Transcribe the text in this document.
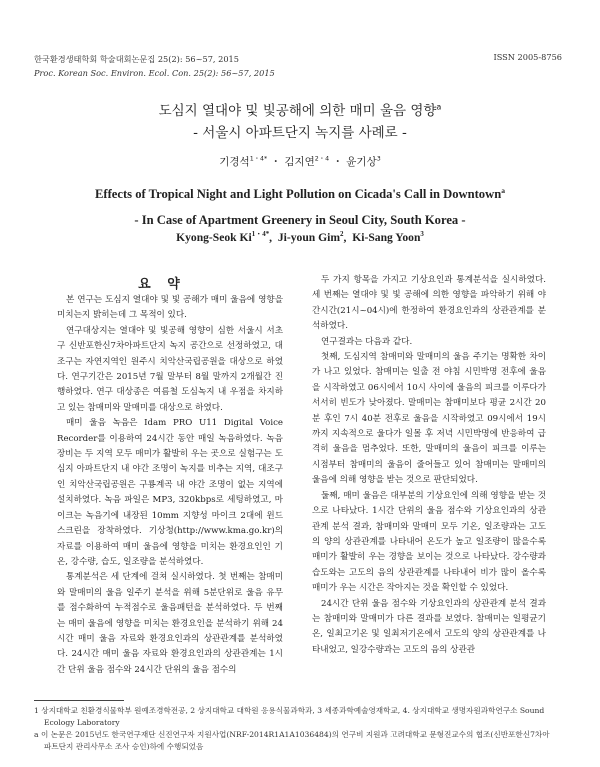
한국환경생태학회 학술대회논문집 25(2): 56~57, 2015
Proc. Korean Soc. Environ. Ecol. Con. 25(2): 56~57, 2015
ISSN 2005-8756
도심지 열대야 및 빛공해에 의한 매미 울음 영향$^a$
- 서울시 아파트단지 녹지를 사례로 -
기경석$^{1・4*}$ ・ 김지연$^{2・4}$ ・ 윤기상$^3$
Effects of Tropical Night and Light Pollution on Cicada's Call in Downtown$^a$
- In Case of Apartment Greenery in Seoul City, South Korea -
Kyong-Seok $Ki^{1・4*}$,  Ji-youn Gim$^2$,  Ki-Sang Yoon$^3$
요 약

본 연구는 도심지 열대야 및 빛 공해가 매미 울음에 영향을 미치는지 밝히는데 그 목적이 있다.

연구대상지는 열대야 및 빛공해 영향이 심한 서울시 서초구 신반포한신7차아파트단지 녹지 공간으로 선정하였고, 대조구는 자연지역인 원주시 치악산국립공원을 대상으로 하였다. 연구기간은 2015년 7월 말부터 8월 말까지 2개월간 진행하였다. 연구 대상종은 여름철 도심녹지 내 우점을 차지하고 있는 참매미와 말매미를 대상으로 하였다.

매미 울음 녹음은 Idam PRO U11 Digital Voice Recorder를 이용하여 24시간 동안 매일 녹음하였다. 녹음장비는 두 지역 모두 매미가 활발히 우는 곳으로 실험구는 도심지 아파트단지 내 야간 조명이 녹지를 비추는 지역, 대조구인 치악산국립공원은 구룡계곡 내 야간 조명이 없는 지역에 설치하였다. 녹음 파일은 MP3, 320kbps로 세팅하였고, 마이크는 녹음기에 내장된 10mm 지향성 마이크 2대에 윈드스크린을 장착하였다. 기상청(http://www.kma.go.kr)의 자료를 이용하여 매미 울음에 영향을 미치는 환경요인인 기온, 강수량, 습도, 일조량을 분석하였다.

통계분석은 세 단계에 걸쳐 실시하였다. 첫 번째는 참매미와 말매미의 울음 일주기 분석을 위해 5분단위로 울음 유무를 점수화하여 누적점수로 울음패턴을 분석하였다. 두 번째는 매미 울음에 영향을 미치는 환경요인을 분석하기 위해 24시간 매미 울음 자료와 환경요인과의 상관관계를 분석하였다. 24시간 매미 울음 자료와 환경요인과의 상관관계는 1시간 단위 울음 점수와 24시간 단위의 울음 점수의

두 가지 항목을 가지고 기상요인과 통계분석을 실시하였다. 세 번째는 열대야 및 빛 공해에 의한 영향을 파악하기 위해 야간시간(21시~04시)에 한정하여 환경요인과의 상관관계를 분석하였다.

연구결과는 다음과 같다.

첫째, 도심지역 참매미와 말매미의 울음 주기는 명확한 차이가 나고 있었다. 참매미는 일출 전 야침 시민박명 전후에 울음을 시작하였고 06시에서 10시 사이에 울음의 피크를 이루다가 서서히 빈도가 낮아졌다. 말매미는 참매미보다 평균 2시간 20분 후인 7시 40분 전후로 울음을 시작하였고 09시에서 19시까지 지속적으로 울다가 일몰 후 저녁 시민박명에 반응하여 급격히 울음을 멈추었다. 또한, 말매미의 울음이 피크를 이루는 시점부터 참매미의 울음이 줄어들고 있어 참매미는 말매미의 울음에 의해 영향을 받는 것으로 판단되었다.

둘째, 매미 울음은 대부분의 기상요인에 의해 영향을 받는 것으로 나타났다. 1시간 단위의 울음 점수와 기상요인과의 상관관계 분석 결과, 참매미와 말매미 모두 기온, 일조량과는 고도의 양의 상관관계를 나타내어 온도가 높고 일조량이 많을수록 매미가 활발히 우는 경향을 보이는 것으로 나타났다. 강수량과 습도와는 고도의 음의 상관관계를 나타내어 비가 많이 올수록 매미가 우는 시간은 작아지는 것을 확인할 수 있었다.

24시간 단위 울음 점수와 기상요인과의 상관관계 분석 결과는 참매미와 말매미가 다른 결과를 보였다. 참매미는 일평균기온, 일최고기온 및 일최저기온에서 고도의 양의 상관관계를 나타내었고, 일강수량과는 고도의 음의 상관관

1 상지대학교 친환경식물학부 원예조경학전공, 2 상지대학교 대학원 응용식물과학과, 3 세종과학예술영재학교, 4. 상지대학교 생명자원과학연구소 Sound Ecology Laboratory
a 이 논문은 2015년도 한국연구재단 신진연구자 지원사업(NRF-2014R1A1A1036484)의 연구비 지원과 고려대학교 문형진교수의 협조(신반포한신7차아파트단지 관리사무소 조사 승인)하에 수행되었음
